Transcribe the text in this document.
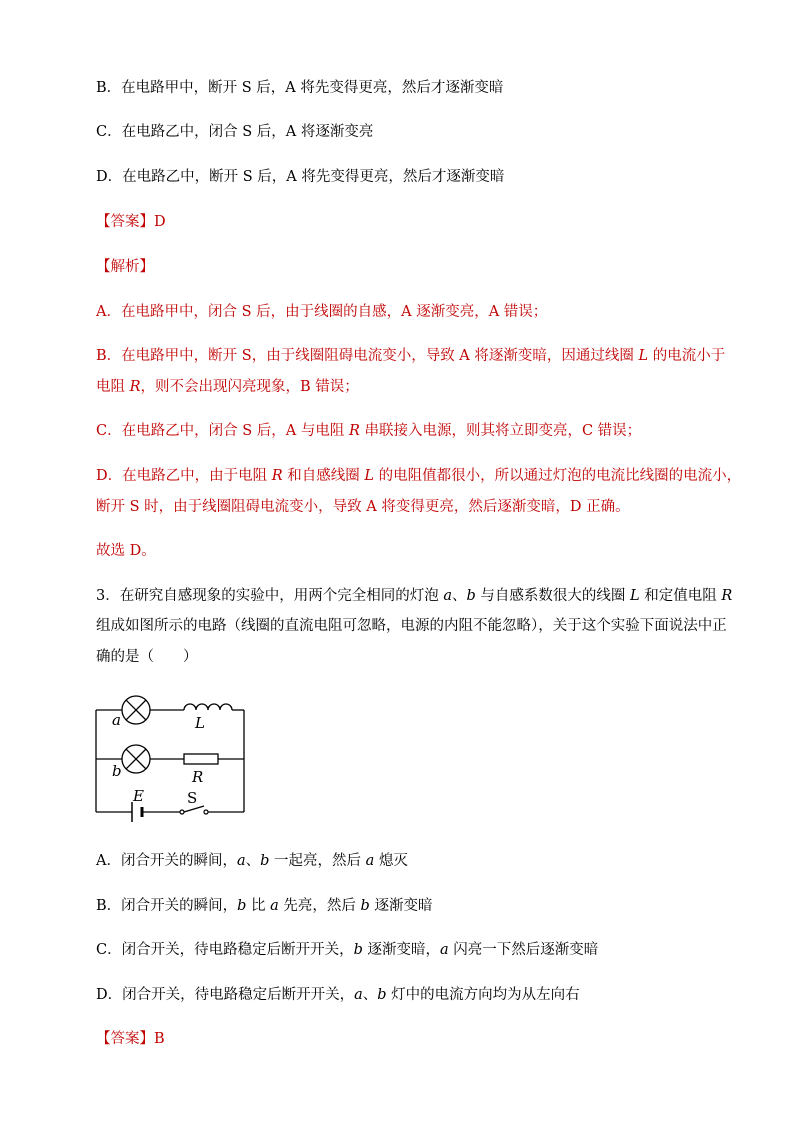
B．在电路甲中，断开 S 后，A 将先变得更亮，然后才逐渐变暗
C．在电路乙中，闭合 S 后，A 将逐渐变亮
D．在电路乙中，断开 S 后，A 将先变得更亮，然后才逐渐变暗
【答案】D
【解析】
A．在电路甲中，闭合 S 后，由于线圈的自感，A 逐渐变亮，A 错误；
B．在电路甲中，断开 S，由于线圈阻碍电流变小，导致 A 将逐渐变暗，因通过线圈 L 的电流小于
电阻 R，则不会出现闪亮现象，B 错误；
C．在电路乙中，闭合 S 后，A 与电阻 R 串联接入电源，则其将立即变亮，C 错误；
D．在电路乙中，由于电阻 R 和自感线圈 L 的电阻值都很小，所以通过灯泡的电流比线圈的电流小，
断开 S 时，由于线圈阻碍电流变小，导致 A 将变得更亮，然后逐渐变暗，D 正确。
故选 D。
3．在研究自感现象的实验中，用两个完全相同的灯泡 a、b 与自感系数很大的线圈 L 和定值电阻 R
组成如图所示的电路（线圈的直流电阻可忽略，电源的内阻不能忽略），关于这个实验下面说法中正
确的是（　　）
a	L
b	R
E	S
A．闭合开关的瞬间，a、b 一起亮，然后 a 熄灭
B．闭合开关的瞬间，b 比 a 先亮，然后 b 逐渐变暗
C．闭合开关，待电路稳定后断开开关，b 逐渐变暗，a 闪亮一下然后逐渐变暗
D．闭合开关，待电路稳定后断开开关，a、b 灯中的电流方向均为从左向右
【答案】B
